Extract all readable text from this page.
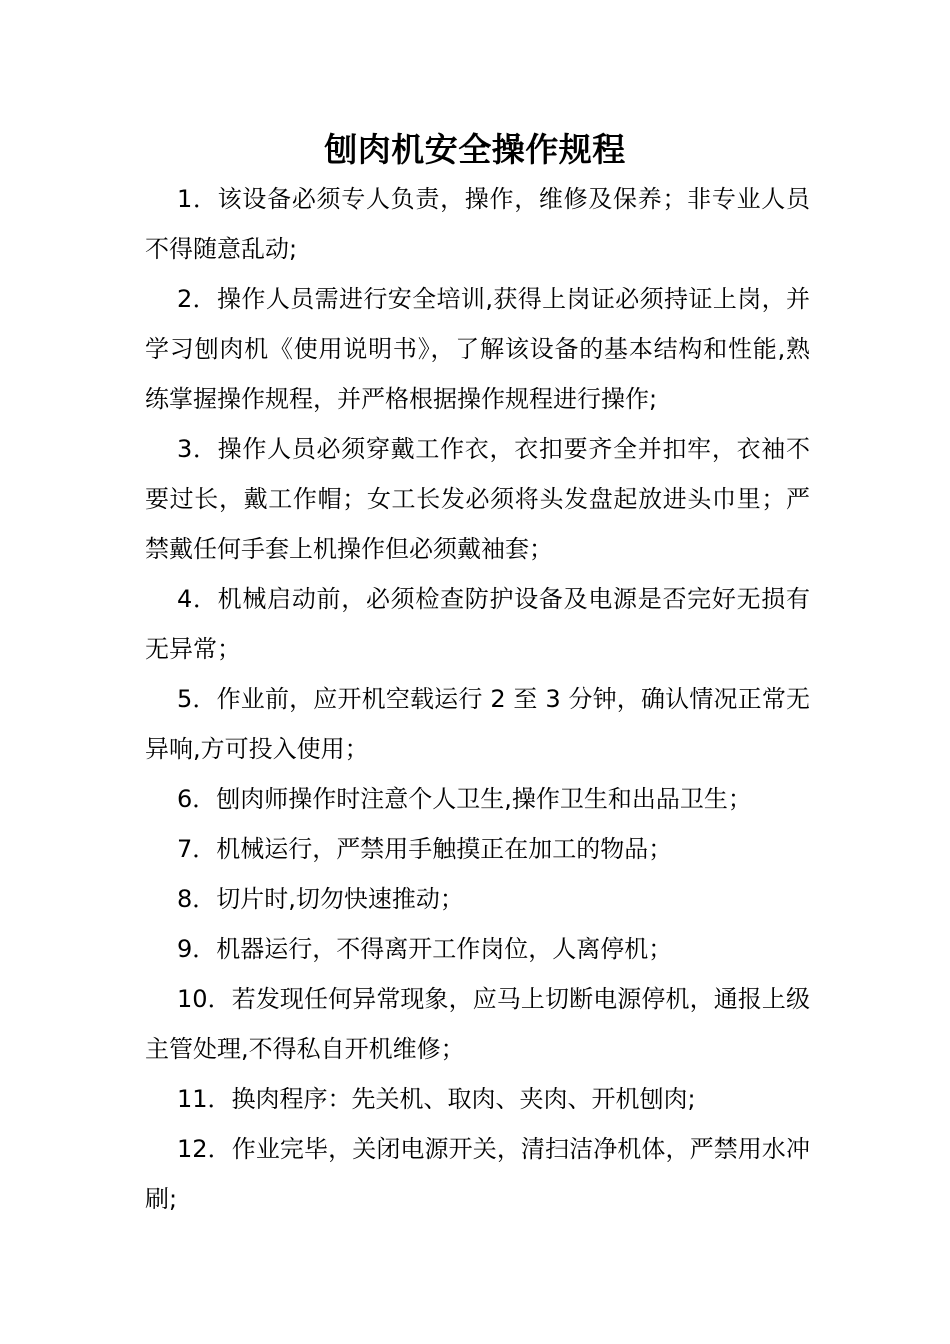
刨肉机安全操作规程

1．该设备必须专人负责，操作，维修及保养；非专业人员不得随意乱动;

2．操作人员需进行安全培训,获得上岗证必须持证上岗，并学习刨肉机《使用说明书》，了解该设备的基本结构和性能,熟练掌握操作规程，并严格根据操作规程进行操作;

3．操作人员必须穿戴工作衣，衣扣要齐全并扣牢，衣袖不要过长，戴工作帽；女工长发必须将头发盘起放进头巾里；严禁戴任何手套上机操作但必须戴袖套；

4．机械启动前，必须检查防护设备及电源是否完好无损有无异常；

5．作业前，应开机空载运行 2 至 3 分钟，确认情况正常无异响,方可投入使用；

6．刨肉师操作时注意个人卫生,操作卫生和出品卫生；

7．机械运行，严禁用手触摸正在加工的物品；

8．切片时,切勿快速推动；

9．机器运行，不得离开工作岗位，人离停机；

10．若发现任何异常现象，应马上切断电源停机，通报上级主管处理,不得私自开机维修；

11．换肉程序：先关机、取肉、夹肉、开机刨肉;

12．作业完毕，关闭电源开关，清扫洁净机体，严禁用水冲刷;
